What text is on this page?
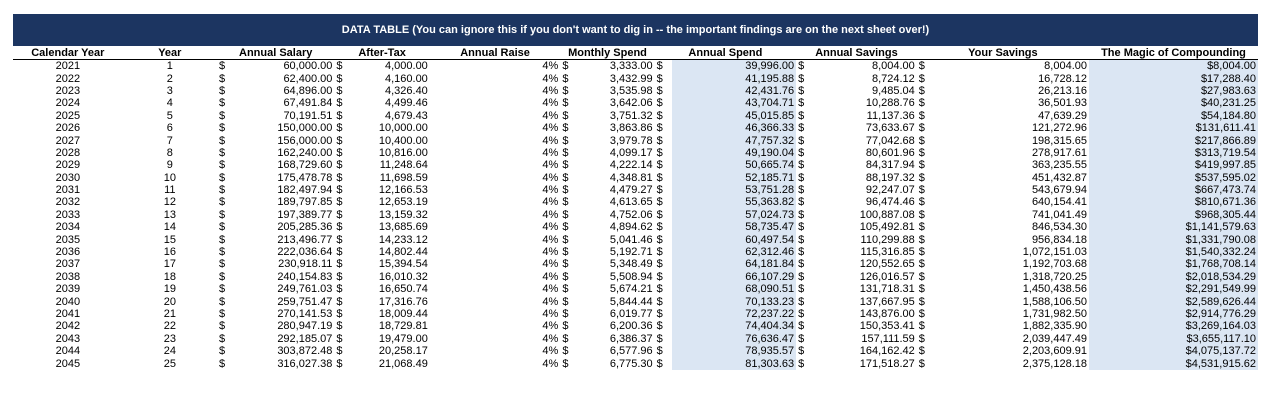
DATA TABLE (You can ignore this if you don't want to dig in -- the important findings are on the next sheet over!)
Calendar Year	Year	Annual Salary		After-Tax		Annual Raise	Monthly Spend		Annual Spend		Annual Savings		Your Savings		The Magic of Compounding
2021	1	$	60,000.00	$	4,000.00	4%	$	3,333.00	$	39,996.00	$	8,004.00	$	8,004.00	$8,004.00
2022	2	$	62,400.00	$	4,160.00	4%	$	3,432.99	$	41,195.88	$	8,724.12	$	16,728.12	$17,288.40
2023	3	$	64,896.00	$	4,326.40	4%	$	3,535.98	$	42,431.76	$	9,485.04	$	26,213.16	$27,983.63
2024	4	$	67,491.84	$	4,499.46	4%	$	3,642.06	$	43,704.71	$	10,288.76	$	36,501.93	$40,231.25
2025	5	$	70,191.51	$	4,679.43	4%	$	3,751.32	$	45,015.85	$	11,137.36	$	47,639.29	$54,184.80
2026	6	$	150,000.00	$	10,000.00	4%	$	3,863.86	$	46,366.33	$	73,633.67	$	121,272.96	$131,611.41
2027	7	$	156,000.00	$	10,400.00	4%	$	3,979.78	$	47,757.32	$	77,042.68	$	198,315.65	$217,866.89
2028	8	$	162,240.00	$	10,816.00	4%	$	4,099.17	$	49,190.04	$	80,601.96	$	278,917.61	$313,719.54
2029	9	$	168,729.60	$	11,248.64	4%	$	4,222.14	$	50,665.74	$	84,317.94	$	363,235.55	$419,997.85
2030	10	$	175,478.78	$	11,698.59	4%	$	4,348.81	$	52,185.71	$	88,197.32	$	451,432.87	$537,595.02
2031	11	$	182,497.94	$	12,166.53	4%	$	4,479.27	$	53,751.28	$	92,247.07	$	543,679.94	$667,473.74
2032	12	$	189,797.85	$	12,653.19	4%	$	4,613.65	$	55,363.82	$	96,474.46	$	640,154.41	$810,671.36
2033	13	$	197,389.77	$	13,159.32	4%	$	4,752.06	$	57,024.73	$	100,887.08	$	741,041.49	$968,305.44
2034	14	$	205,285.36	$	13,685.69	4%	$	4,894.62	$	58,735.47	$	105,492.81	$	846,534.30	$1,141,579.63
2035	15	$	213,496.77	$	14,233.12	4%	$	5,041.46	$	60,497.54	$	110,299.88	$	956,834.18	$1,331,790.08
2036	16	$	222,036.64	$	14,802.44	4%	$	5,192.71	$	62,312.46	$	115,316.85	$	1,072,151.03	$1,540,332.24
2037	17	$	230,918.11	$	15,394.54	4%	$	5,348.49	$	64,181.84	$	120,552.65	$	1,192,703.68	$1,768,708.14
2038	18	$	240,154.83	$	16,010.32	4%	$	5,508.94	$	66,107.29	$	126,016.57	$	1,318,720.25	$2,018,534.29
2039	19	$	249,761.03	$	16,650.74	4%	$	5,674.21	$	68,090.51	$	131,718.31	$	1,450,438.56	$2,291,549.99
2040	20	$	259,751.47	$	17,316.76	4%	$	5,844.44	$	70,133.23	$	137,667.95	$	1,588,106.50	$2,589,626.44
2041	21	$	270,141.53	$	18,009.44	4%	$	6,019.77	$	72,237.22	$	143,876.00	$	1,731,982.50	$2,914,776.29
2042	22	$	280,947.19	$	18,729.81	4%	$	6,200.36	$	74,404.34	$	150,353.41	$	1,882,335.90	$3,269,164.03
2043	23	$	292,185.07	$	19,479.00	4%	$	6,386.37	$	76,636.47	$	157,111.59	$	2,039,447.49	$3,655,117.10
2044	24	$	303,872.48	$	20,258.17	4%	$	6,577.96	$	78,935.57	$	164,162.42	$	2,203,609.91	$4,075,137.72
2045	25	$	316,027.38	$	21,068.49	4%	$	6,775.30	$	81,303.63	$	171,518.27	$	2,375,128.18	$4,531,915.62
